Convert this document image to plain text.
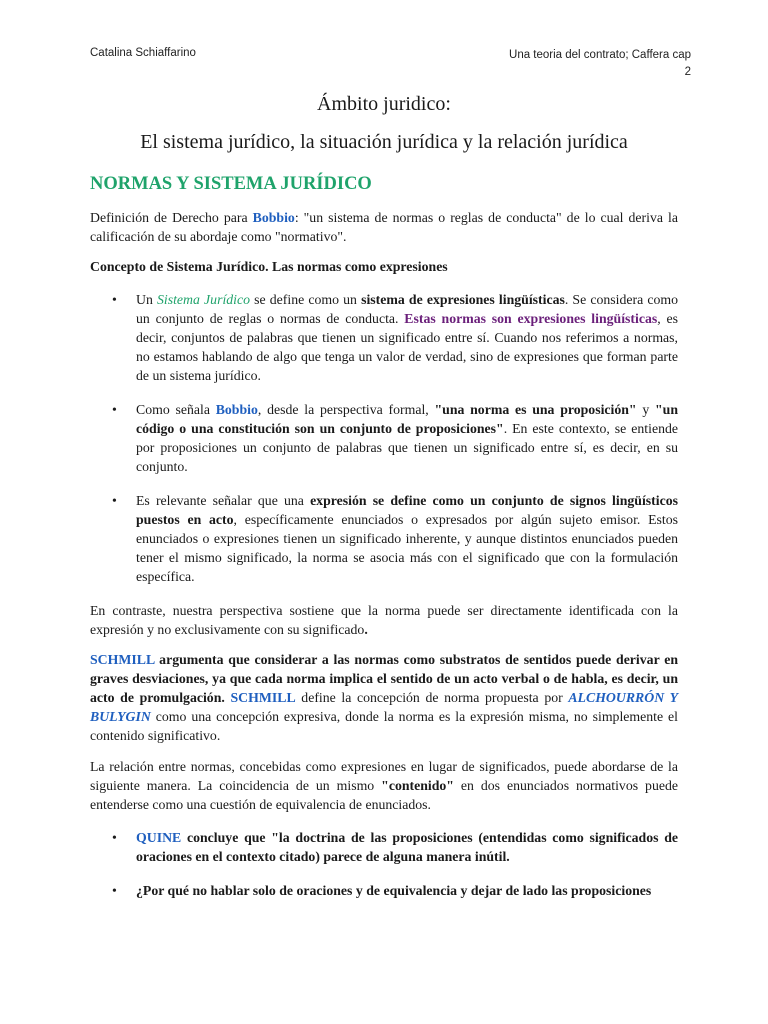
Catalina Schiaffarino	Una teoria del contrato; Caffera cap
2
Ámbito juridico:
El sistema jurídico, la situación jurídica y la relación jurídica
NORMAS Y SISTEMA JURÍDICO

Definición de Derecho para Bobbio: "un sistema de normas o reglas de conducta" de lo cual deriva la calificación de su abordaje como "normativo".

Concepto de Sistema Jurídico. Las normas como expresiones

• Un Sistema Jurídico se define como un sistema de expresiones lingüísticas. Se considera como un conjunto de reglas o normas de conducta. Estas normas son expresiones lingüísticas, es decir, conjuntos de palabras que tienen un significado entre sí. Cuando nos referimos a normas, no estamos hablando de algo que tenga un valor de verdad, sino de expresiones que forman parte de un sistema jurídico.
• Como señala Bobbio, desde la perspectiva formal, "una norma es una proposición" y "un código o una constitución son un conjunto de proposiciones". En este contexto, se entiende por proposiciones un conjunto de palabras que tienen un significado entre sí, es decir, en su conjunto.
• Es relevante señalar que una expresión se define como un conjunto de signos lingüísticos puestos en acto, específicamente enunciados o expresados por algún sujeto emisor. Estos enunciados o expresiones tienen un significado inherente, y aunque distintos enunciados pueden tener el mismo significado, la norma se asocia más con el significado que con la formulación específica.

En contraste, nuestra perspectiva sostiene que la norma puede ser directamente identificada con la expresión y no exclusivamente con su significado.

SCHMILL argumenta que considerar a las normas como substratos de sentidos puede derivar en graves desviaciones, ya que cada norma implica el sentido de un acto verbal o de habla, es decir, un acto de promulgación. SCHMILL define la concepción de norma propuesta por ALCHOURRÓN Y BULYGIN como una concepción expresiva, donde la norma es la expresión misma, no simplemente el contenido significativo.

La relación entre normas, concebidas como expresiones en lugar de significados, puede abordarse de la siguiente manera. La coincidencia de un mismo "contenido" en dos enunciados normativos puede entenderse como una cuestión de equivalencia de enunciados.

• QUINE concluye que "la doctrina de las proposiciones (entendidas como significados de oraciones en el contexto citado) parece de alguna manera inútil.
• ¿Por qué no hablar solo de oraciones y de equivalencia y dejar de lado las proposiciones
